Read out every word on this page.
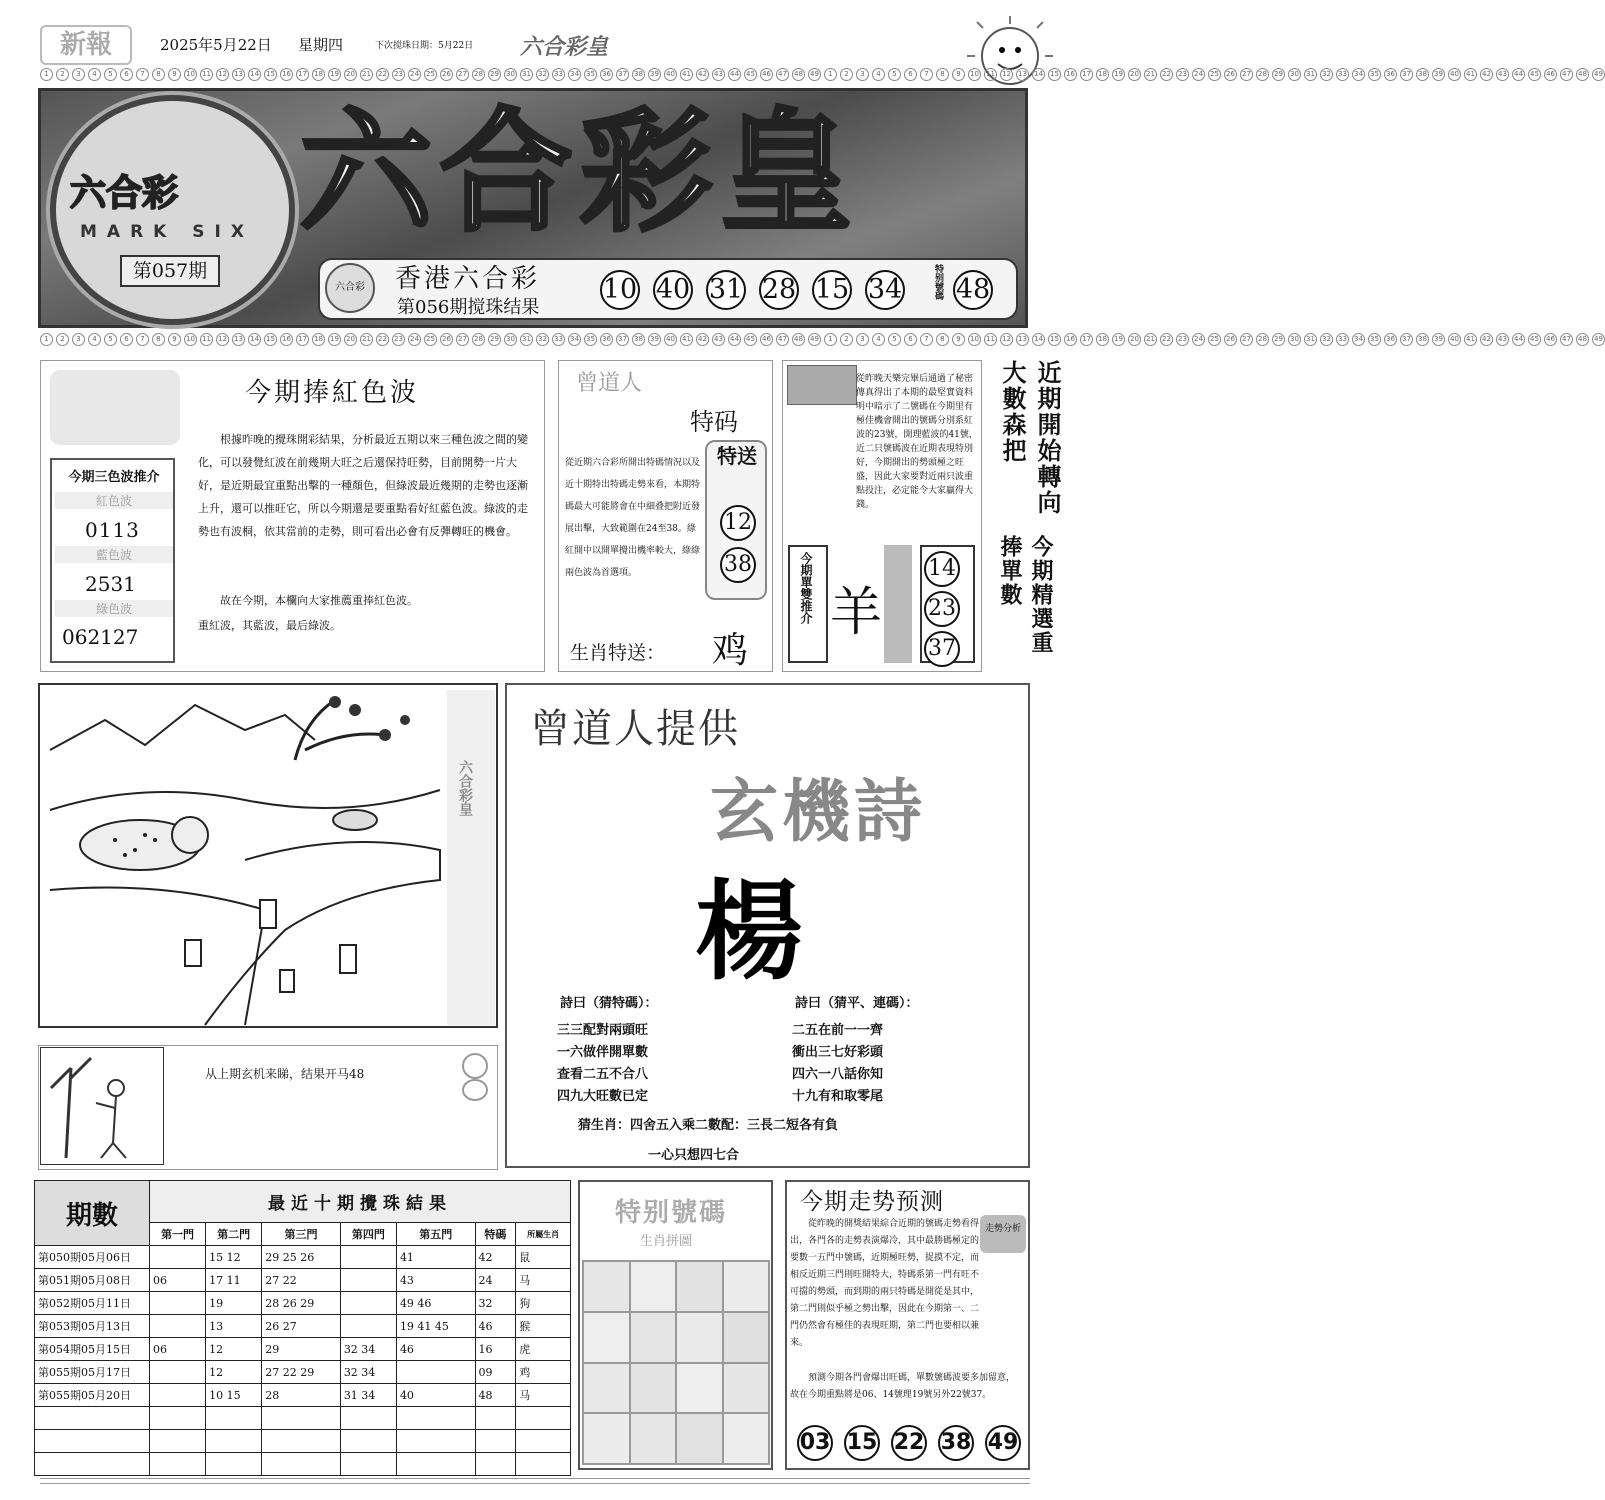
新報	2025年5月22日 星期四	下次搅珠日期：5月22日 六合彩皇
1	2	3	4	5	6	7	8	9	10 11 12 13 14 15 16 17 18 19 20 21 22 23 24 25 26 27 28 29 30 31 32 33 34 35 36 37 38 39 40 41 42 43 44 45 46 47 48 49	1	2	3	4	5	6	7	8	9	10 11 12 13 14 15 16 17 18 19 20 21 22 23 24 25 26 27 28 29 30 31 32 33 34 35 36 37 38 39 40 41 42 43 44 45 46 47 48 49
六合彩
MARK SIX
第057期
六合彩皇
六合彩	香港六合彩
第056期搅珠结果
10 40 31 28 15 34	特别號碼 48
1	2	3	4	5	6	7	8	9	10 11 12 13 14 15 16 17 18 19 20 21 22 23 24 25 26 27 28 29 30 31 32 33 34 35 36 37 38 39 40 41 42 43 44 45 46 47 48 49	1	2	3	4	5	6	7	8	9	10 11 12 13 14 15 16 17 18 19 20 21 22 23 24 25 26 27 28 29 30 31 32 33 34 35 36 37 38 39 40 41 42 43 44 45 46 47 48 49
今期捧紅色波
根據昨晚的攪珠開彩結果，分析最近五期以來三種色波之間的變化，可以發覺紅波在前幾期大旺之后還保持旺勢，目前開勢一片大好，是近期最宜重點出擊的一種顏色，但綠波最近幾期的走勢也逐漸上升，還可以推旺它，所以今期還是要重點看好紅藍色波。綠波的走勢也有波桐，依其當前的走勢，則可看出必會有反彈轉旺的機會。
故在今期，本欄向大家推薦重捧紅色波。
重紅波，其藍波，最后綠波。
今期三色波推介
紅色波
0113
藍色波
2531
綠色波
062127
曾道人
特码
特送
12
38
從近期六合彩所開出特碼情況以及近十期特出特碼走勢來看，本期特碼最大可能將會在中細叠把附近發展出擊，大致範圍在24至38。綠紅開中以開單攪出機率較大，綠綠兩色波為首選項。
生肖特送： 鸡
從昨晚天樂完畢后通過了秘密傳真得出了本期的最堅實資料明中暗示了二號碼在今期里有極佳機會開出的號碼分別系紅波的23號，開理藍波的41號，近二只號碼波在近期表現特別好，今期開出的勢頭極之旺盛，因此大家要對近兩只波重點投注，必定能令大家贏得大錢。
今期單雙推介 羊
14 23 37
近期開始轉向大數森把
今期精選重捧單數
六合彩皇
从上期玄机来睇，结果开马48
曾道人提供
玄機詩
楊
詩曰（猜特碼）：
三三配對兩頭旺
一六做伴開單數
查看二五不合八
四九大旺數已定
詩曰（猜平、連碼）：
二五在前一一齊
衝出三七好彩頭
四六一八話你知
十九有和取零尾
猜生肖：四舍五入乘二數配：三長二短各有負
一心只想四七合
期數	最近十期攪珠結果						
	第一門	第二門	第三門	第四門	第五門	特碼	所屬生肖
第050期05月06日		15 12	29 25 26		41	42	鼠
第051期05月08日	06	17 11	27 22		43	24	马
第052期05月11日		19	28 26 29		49 46	32	狗
第053期05月13日		13	26 27		19 41 45	46	猴
第054期05月15日	06	12	29	32 34	46	16	虎
第055期05月17日		12	27 22 29	32 34		09	鸡
第055期05月20日		10 15	28	31 34	40	48	马

特别號碼
生肖拼圖
今期走势预测
走勢分析
從昨晚的開獎結果綜合近期的號碼走勢看得出，各門各的走勢表演爆冷，其中最勝碼極定的要數一五門中號碼，近期極旺勢，捉摸不定，而相反近期三門則旺開特大，特碼系第一門有旺不可擋的勢頭，而到期的兩只特碼是開從是其中，第二門則似乎極之勢出擊，因此在今期第一、二門仍然會有極佳的表現旺期，第二門也要相以兼來。
預測今期各門會爆出旺碼，單數號碼波要多加留意，故在今期重點將是06、14號理19號另外22號37。
03 15 22 38 49
